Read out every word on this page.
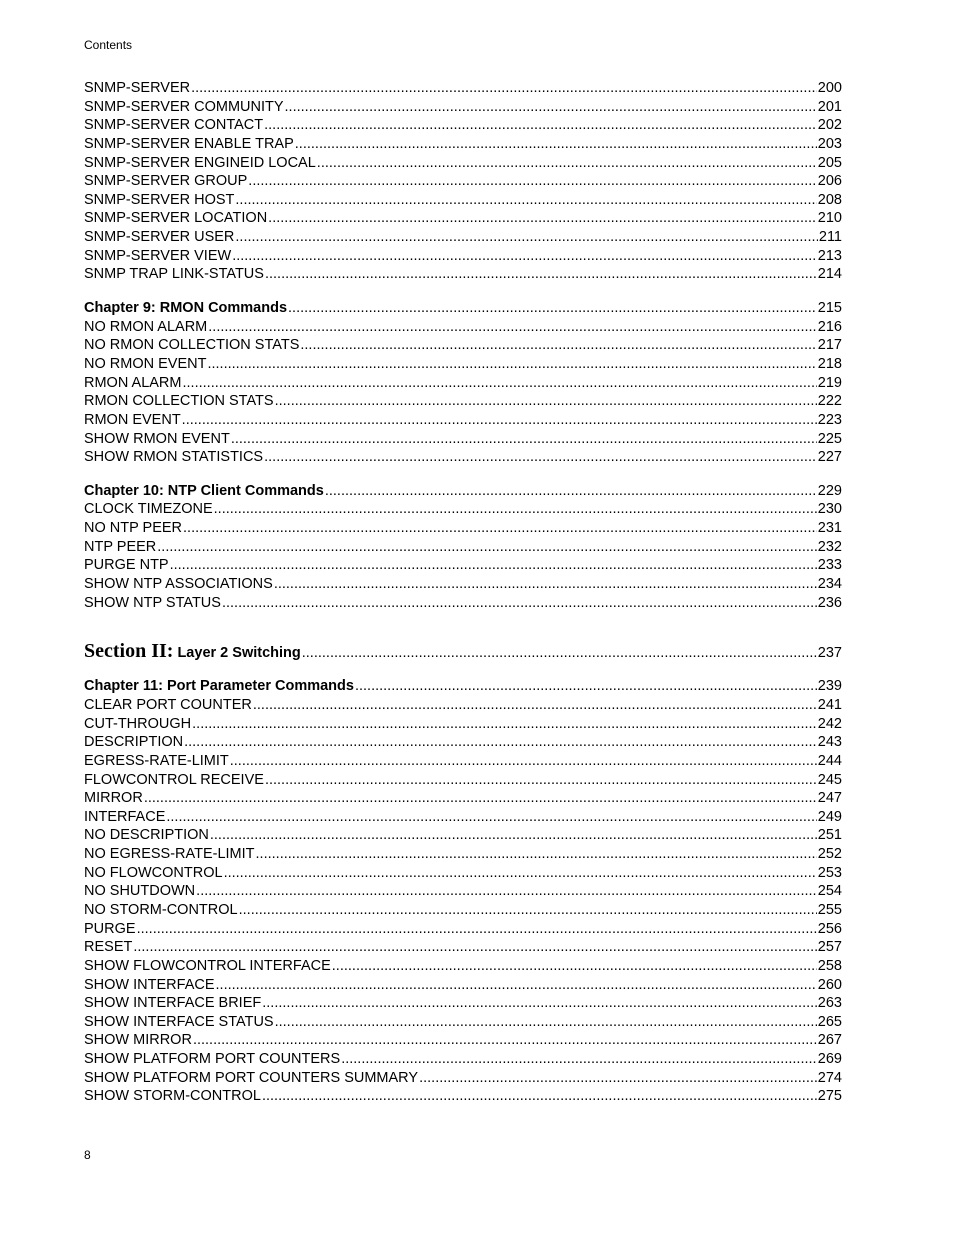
Contents
SNMP-SERVER .....	200
SNMP-SERVER COMMUNITY .....	201
SNMP-SERVER CONTACT .....	202
SNMP-SERVER ENABLE TRAP .....	203
SNMP-SERVER ENGINEID LOCAL .....	205
SNMP-SERVER GROUP .....	206
SNMP-SERVER HOST .....	208
SNMP-SERVER LOCATION .....	210
SNMP-SERVER USER .....	211
SNMP-SERVER VIEW .....	213
SNMP TRAP LINK-STATUS .....	214
Chapter 9: RMON Commands .....	215
NO RMON ALARM .....	216
NO RMON COLLECTION STATS .....	217
NO RMON EVENT .....	218
RMON ALARM .....	219
RMON COLLECTION STATS .....	222
RMON EVENT .....	223
SHOW RMON EVENT .....	225
SHOW RMON STATISTICS .....	227
Chapter 10: NTP Client Commands .....	229
CLOCK TIMEZONE .....	230
NO NTP PEER .....	231
NTP PEER .....	232
PURGE NTP .....	233
SHOW NTP ASSOCIATIONS .....	234
SHOW NTP STATUS .....	236
Section II: Layer 2 Switching .....	237
Chapter 11: Port Parameter Commands .....	239
CLEAR PORT COUNTER .....	241
CUT-THROUGH .....	242
DESCRIPTION .....	243
EGRESS-RATE-LIMIT .....	244
FLOWCONTROL RECEIVE .....	245
MIRROR .....	247
INTERFACE .....	249
NO DESCRIPTION .....	251
NO EGRESS-RATE-LIMIT .....	252
NO FLOWCONTROL .....	253
NO SHUTDOWN .....	254
NO STORM-CONTROL .....	255
PURGE .....	256
RESET .....	257
SHOW FLOWCONTROL INTERFACE .....	258
SHOW INTERFACE .....	260
SHOW INTERFACE BRIEF .....	263
SHOW INTERFACE STATUS .....	265
SHOW MIRROR .....	267
SHOW PLATFORM PORT COUNTERS .....	269
SHOW PLATFORM PORT COUNTERS SUMMARY .....	274
SHOW STORM-CONTROL .....	275
8
